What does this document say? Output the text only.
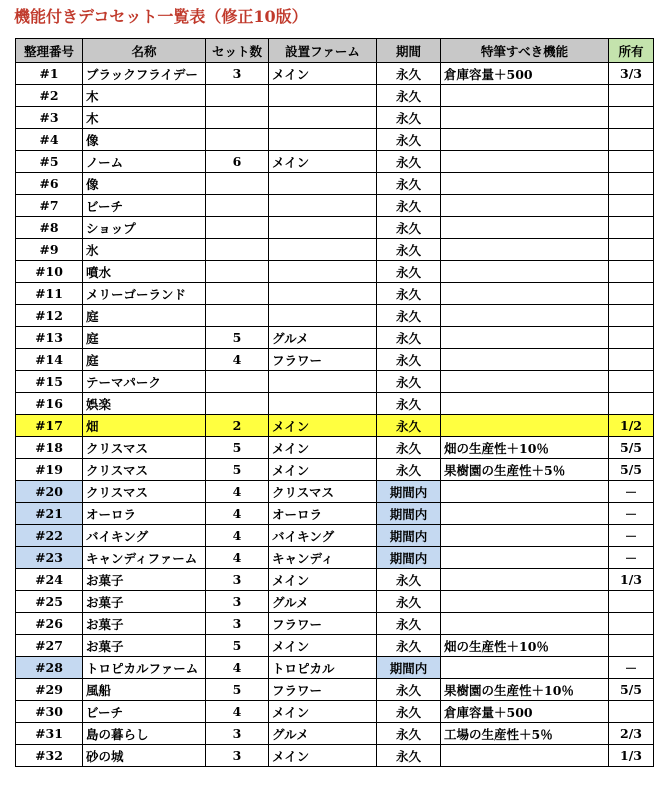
機能付きデコセット一覧表（修正10版）
整理番号	名称	セット数	設置ファーム	期間	特筆すべき機能	所有
#1	ブラックフライデー	3	メイン	永久	倉庫容量＋500	3/3
#2	木			永久		
#3	木			永久		
#4	像			永久		
#5	ノーム	6	メイン	永久		
#6	像			永久		
#7	ビーチ			永久		
#8	ショップ			永久		
#9	氷			永久		
#10	噴水			永久		
#11	メリーゴーランド			永久		
#12	庭			永久		
#13	庭	5	グルメ	永久		
#14	庭	4	フラワー	永久		
#15	テーマパーク			永久		
#16	娯楽			永久		
#17	畑	2	メイン	永久		1/2
#18	クリスマス	5	メイン	永久	畑の生産性＋10％	5/5
#19	クリスマス	5	メイン	永久	果樹園の生産性＋5％	5/5
#20	クリスマス	4	クリスマス	期間内		－
#21	オーロラ	4	オーロラ	期間内		－
#22	バイキング	4	バイキング	期間内		－
#23	キャンディファーム	4	キャンディ	期間内		－
#24	お菓子	3	メイン	永久		1/3
#25	お菓子	3	グルメ	永久		
#26	お菓子	3	フラワー	永久		
#27	お菓子	5	メイン	永久	畑の生産性＋10％	
#28	トロピカルファーム	4	トロピカル	期間内		－
#29	風船	5	フラワー	永久	果樹園の生産性＋10％	5/5
#30	ビーチ	4	メイン	永久	倉庫容量＋500	
#31	島の暮らし	3	グルメ	永久	工場の生産性＋5％	2/3
#32	砂の城	3	メイン	永久		1/3
